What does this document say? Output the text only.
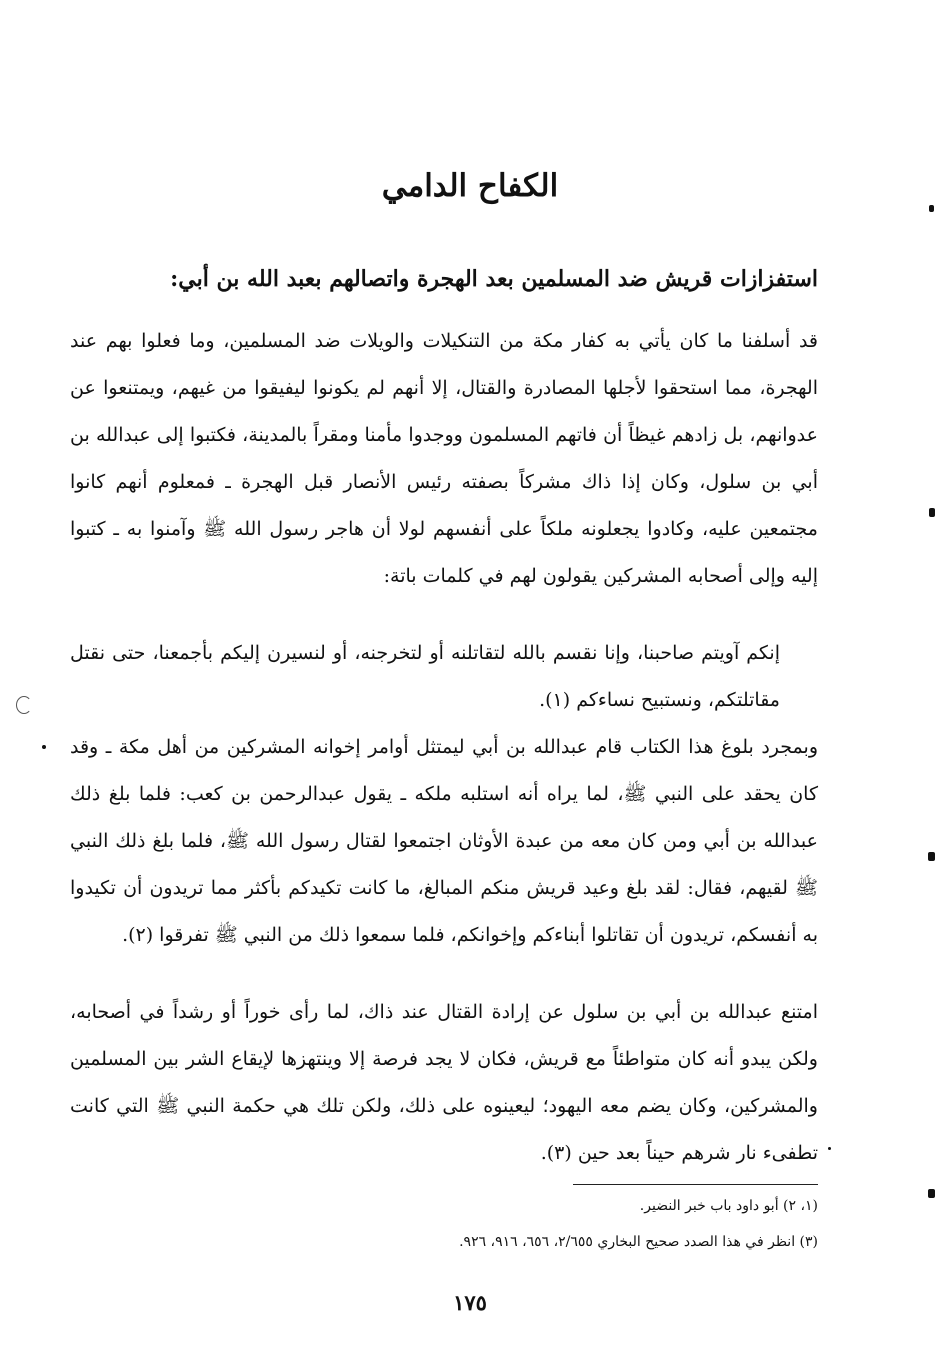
الكفاح الدامي
استفزازات قريش ضد المسلمين بعد الهجرة واتصالهم بعبد الله بن أبي:

قد أسلفنا ما كان يأتي به كفار مكة من التنكيلات والويلات ضد المسلمين، وما فعلوا بهم عند الهجرة، مما استحقوا لأجلها المصادرة والقتال، إلا أنهم لم يكونوا ليفيقوا من غيهم، ويمتنعوا عن عدوانهم، بل زادهم غيظاً أن فاتهم المسلمون ووجدوا مأمنا ومقراً بالمدينة، فكتبوا إلى عبدالله بن أبي بن سلول، وكان إذا ذاك مشركاً بصفته رئيس الأنصار قبل الهجرة ـ فمعلوم أنهم كانوا مجتمعين عليه، وكادوا يجعلونه ملكاً على أنفسهم لولا أن هاجر رسول الله ﷺ وآمنوا به ـ كتبوا إليه وإلى أصحابه المشركين يقولون لهم في كلمات باتة:

إنكم آويتم صاحبنا، وإنا نقسم بالله لتقاتلنه أو لتخرجنه، أو لنسيرن إليكم بأجمعنا، حتى نقتل مقاتلتكم، ونستبيح نساءكم (١).

وبمجرد بلوغ هذا الكتاب قام عبدالله بن أبي ليمتثل أوامر إخوانه المشركين من أهل مكة ـ وقد كان يحقد على النبي ﷺ، لما يراه أنه استلبه ملكه ـ يقول عبدالرحمن بن كعب: فلما بلغ ذلك عبدالله بن أبي ومن كان معه من عبدة الأوثان اجتمعوا لقتال رسول الله ﷺ، فلما بلغ ذلك النبي ﷺ لقيهم، فقال: لقد بلغ وعيد قريش منكم المبالغ، ما كانت تكيدكم بأكثر مما تريدون أن تكيدوا به أنفسكم، تريدون أن تقاتلوا أبناءكم وإخوانكم، فلما سمعوا ذلك من النبي ﷺ تفرقوا (٢).

امتنع عبدالله بن أبي بن سلول عن إرادة القتال عند ذاك، لما رأى خوراً أو رشداً في أصحابه، ولكن يبدو أنه كان متواطئاً مع قريش، فكان لا يجد فرصة إلا وينتهزها لإيقاع الشر بين المسلمين والمشركين، وكان يضم معه اليهود؛ ليعينوه على ذلك، ولكن تلك هي حكمة النبي ﷺ التي كانت تطفىء نار شرهم حيناً بعد حين (٣).

(١، ٢) أبو داود باب خبر النضير.

(٣) انظر في هذا الصدد صحيح البخاري ٢/٦٥٥، ٦٥٦، ٩١٦، ٩٢٦.

١٧٥
